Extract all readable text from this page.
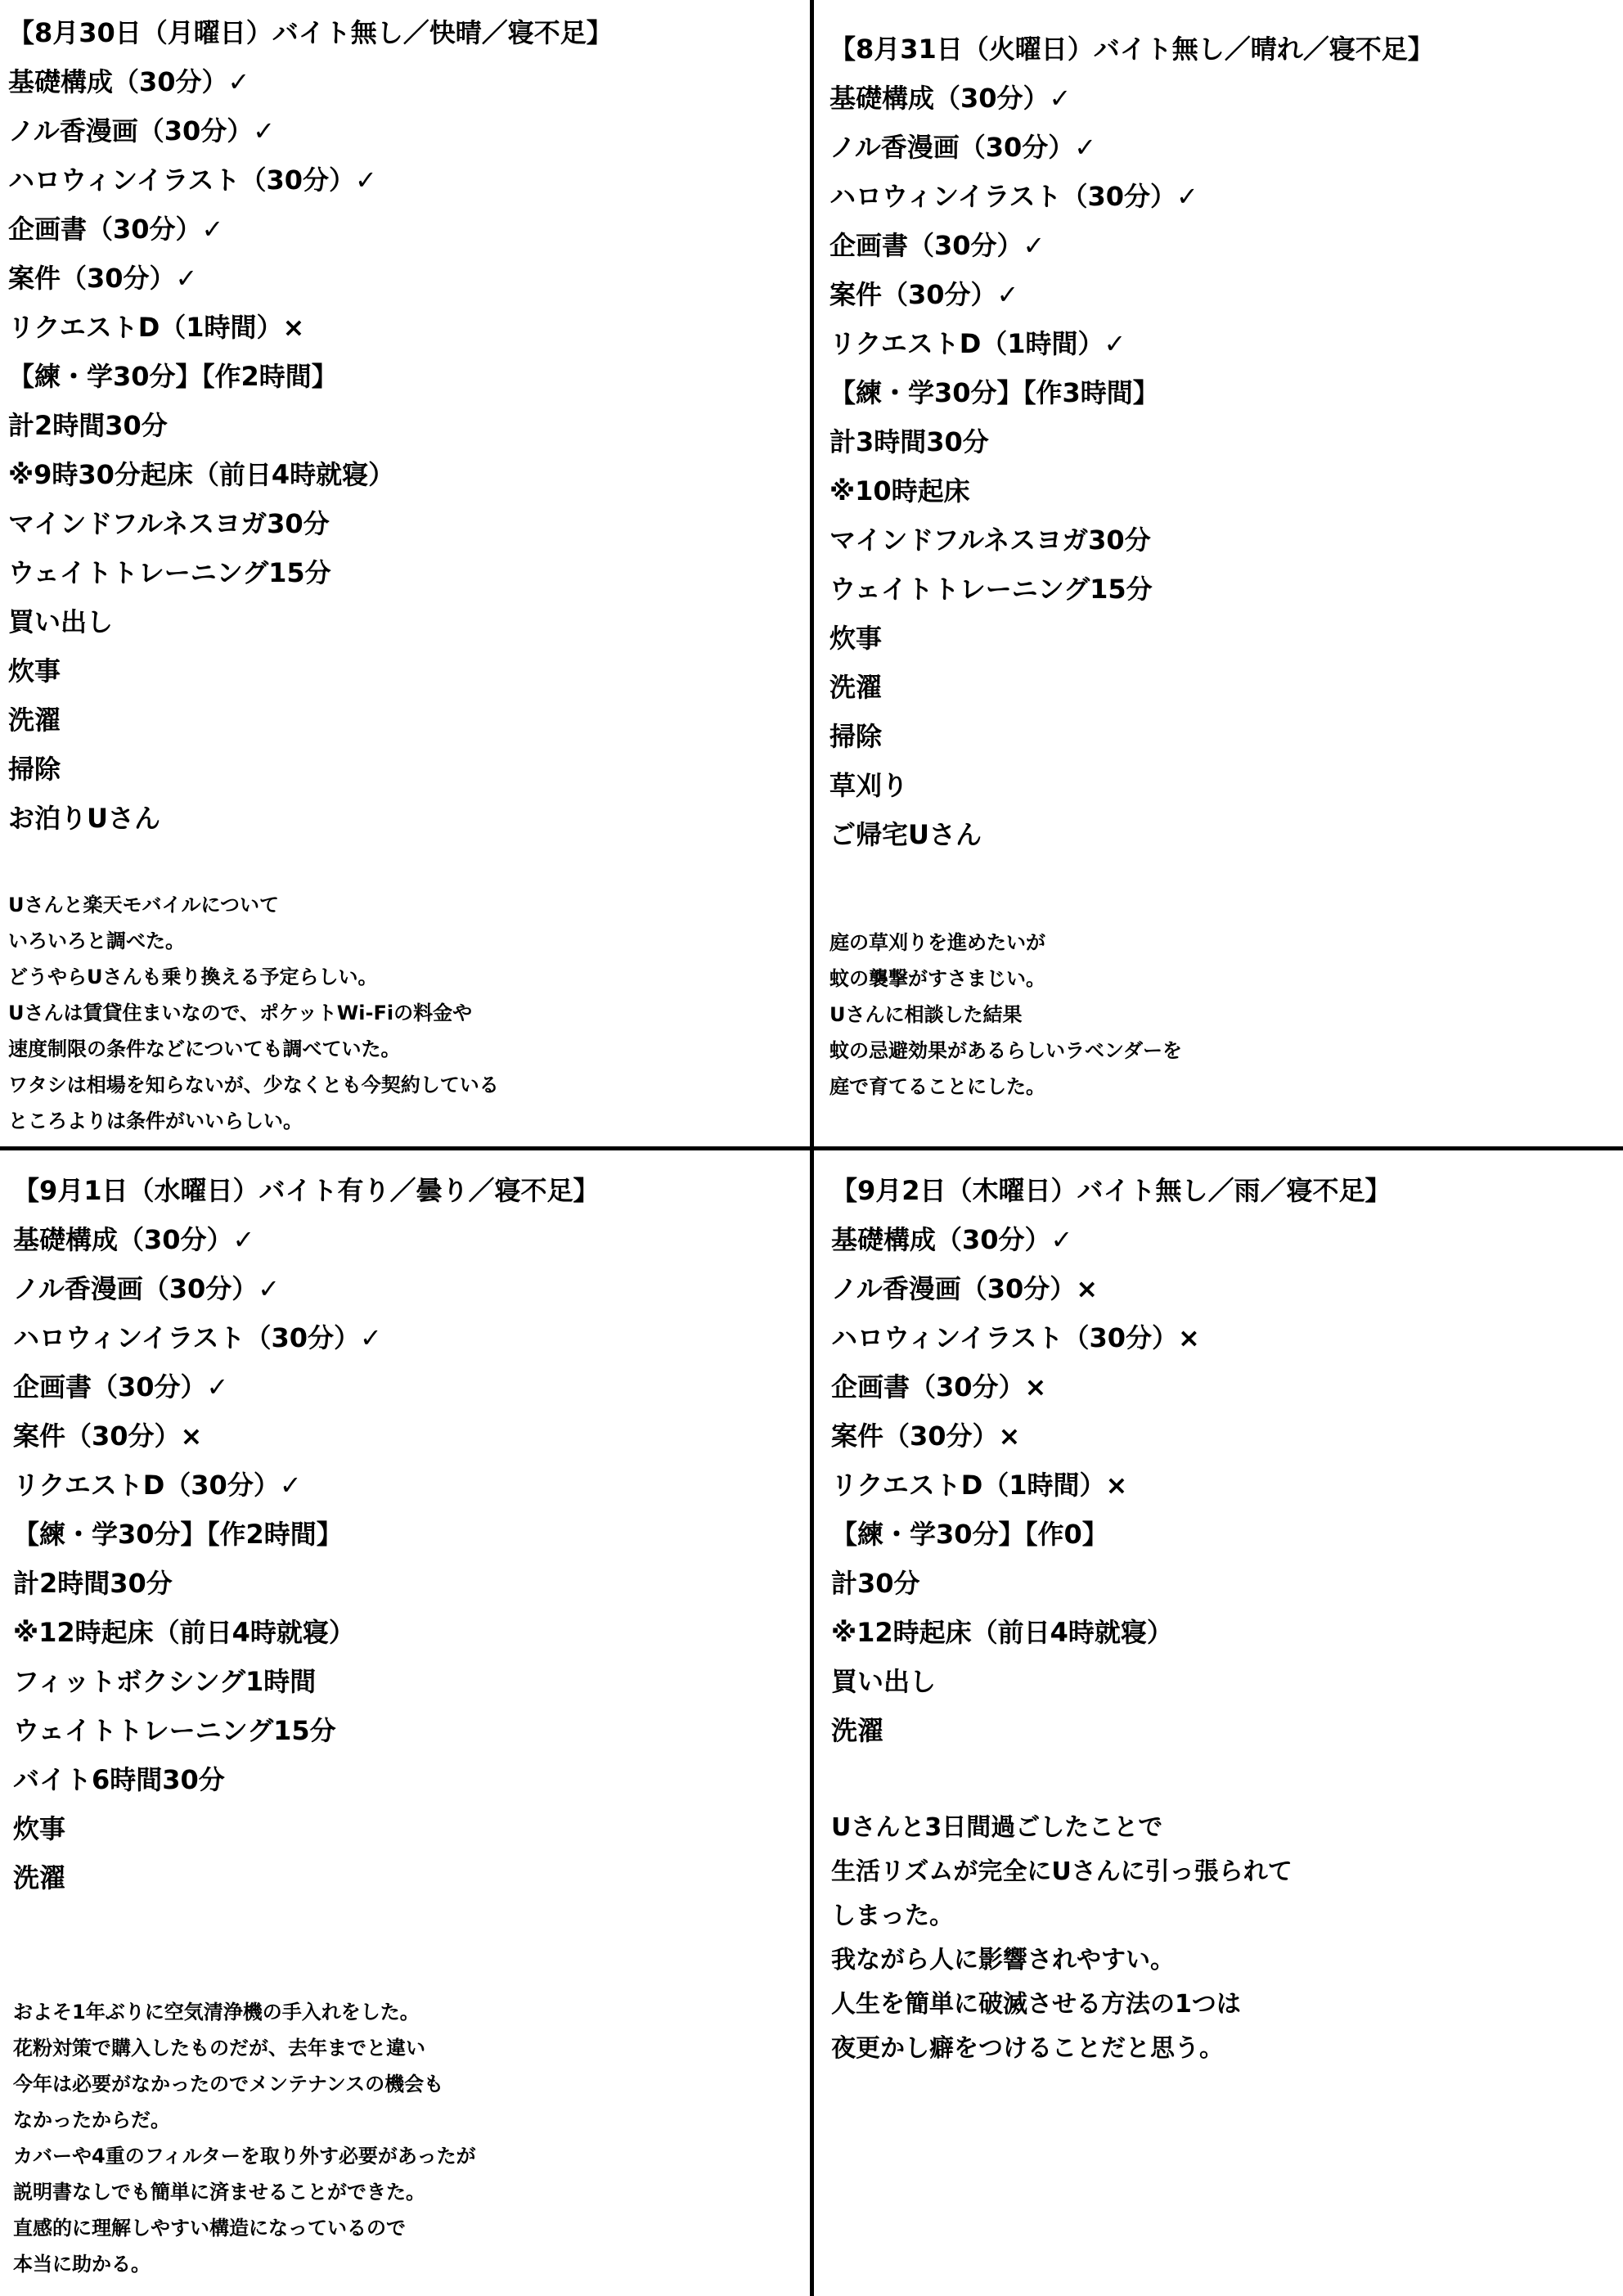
【8月30日（月曜日）バイト無し／快晴／寝不足】
基礎構成（30分）✓
ノル香漫画（30分）✓
ハロウィンイラスト（30分）✓
企画書（30分）✓
案件（30分）✓
リクエストD（1時間）×
【練・学30分】【作2時間】
計2時間30分
※9時30分起床（前日4時就寝）
マインドフルネスヨガ30分
ウェイトトレーニング15分
買い出し
炊事
洗濯
掃除
お泊りUさん
Uさんと楽天モバイルについて
いろいろと調べた。
どうやらUさんも乗り換える予定らしい。
Uさんは賃貸住まいなので、ポケットWi-Fiの料金や
速度制限の条件などについても調べていた。
ワタシは相場を知らないが、少なくとも今契約している
ところよりは条件がいいらしい。
【8月31日（火曜日）バイト無し／晴れ／寝不足】
基礎構成（30分）✓
ノル香漫画（30分）✓
ハロウィンイラスト（30分）✓
企画書（30分）✓
案件（30分）✓
リクエストD（1時間）✓
【練・学30分】【作3時間】
計3時間30分
※10時起床
マインドフルネスヨガ30分
ウェイトトレーニング15分
炊事
洗濯
掃除
草刈り
ご帰宅Uさん
庭の草刈りを進めたいが
蚊の襲撃がすさまじい。
Uさんに相談した結果
蚊の忌避効果があるらしいラベンダーを
庭で育てることにした。
【9月1日（水曜日）バイト有り／曇り／寝不足】
基礎構成（30分）✓
ノル香漫画（30分）✓
ハロウィンイラスト（30分）✓
企画書（30分）✓
案件（30分）×
リクエストD（30分）✓
【練・学30分】【作2時間】
計2時間30分
※12時起床（前日4時就寝）
フィットボクシング1時間
ウェイトトレーニング15分
バイト6時間30分
炊事
洗濯
およそ1年ぶりに空気清浄機の手入れをした。
花粉対策で購入したものだが、去年までと違い
今年は必要がなかったのでメンテナンスの機会も
なかったからだ。
カバーや4重のフィルターを取り外す必要があったが
説明書なしでも簡単に済ませることができた。
直感的に理解しやすい構造になっているので
本当に助かる。
【9月2日（木曜日）バイト無し／雨／寝不足】
基礎構成（30分）✓
ノル香漫画（30分）×
ハロウィンイラスト（30分）×
企画書（30分）×
案件（30分）×
リクエストD（1時間）×
【練・学30分】【作0】
計30分
※12時起床（前日4時就寝）
買い出し
洗濯
Uさんと3日間過ごしたことで
生活リズムが完全にUさんに引っ張られて
しまった。
我ながら人に影響されやすい。
人生を簡単に破滅させる方法の1つは
夜更かし癖をつけることだと思う。
